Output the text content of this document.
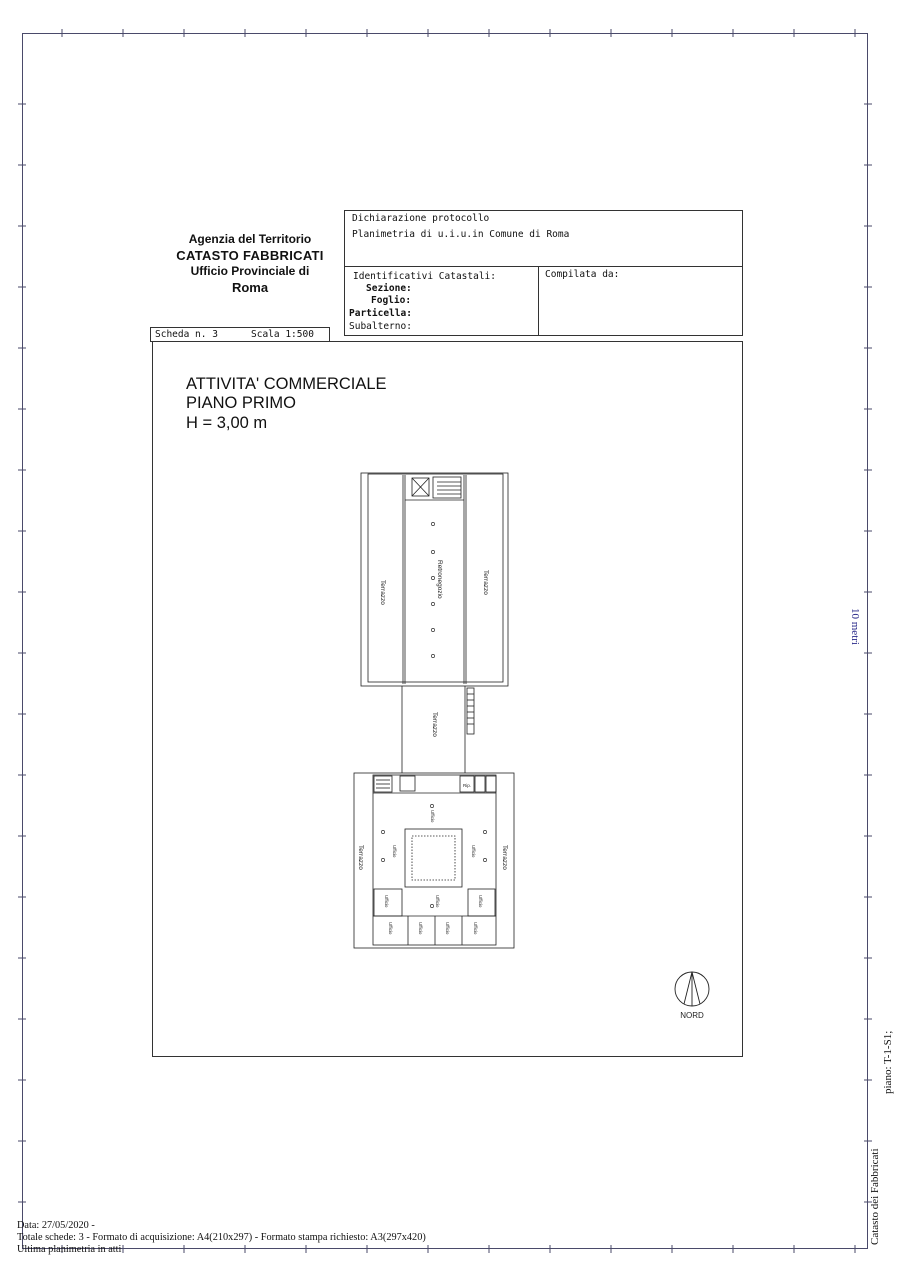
Agenzia del Territorio
CATASTO FABBRICATI
Ufficio Provinciale di
Roma
Dichiarazione protocollo
Planimetria di u.i.u.in Comune di Roma
Identificativi Catastali:
Sezione:
Foglio:
Particella:
Subalterno:
Compilata da:
Scheda n. 3	Scala 1:500
ATTIVITA' COMMERCIALE
PIANO PRIMO
H = 3,00 m
Terrazzo	Retronegozio	Terrazzo
Terrazzo
Terrazzo	Terrazzo
Ufficio	Ufficio
Ufficio
Ufficio	Ufficio
Ufficio
Ufficio	Ufficio	Ufficio	Ufficio
Rip.
NORD
10 metri
piano: T-1-S1;
Catasto dei Fabbricati
Data: 27/05/2020 -
Totale schede: 3 - Formato di acquisizione: A4(210x297) - Formato stampa richiesto: A3(297x420)
Ultima planimetria in atti
